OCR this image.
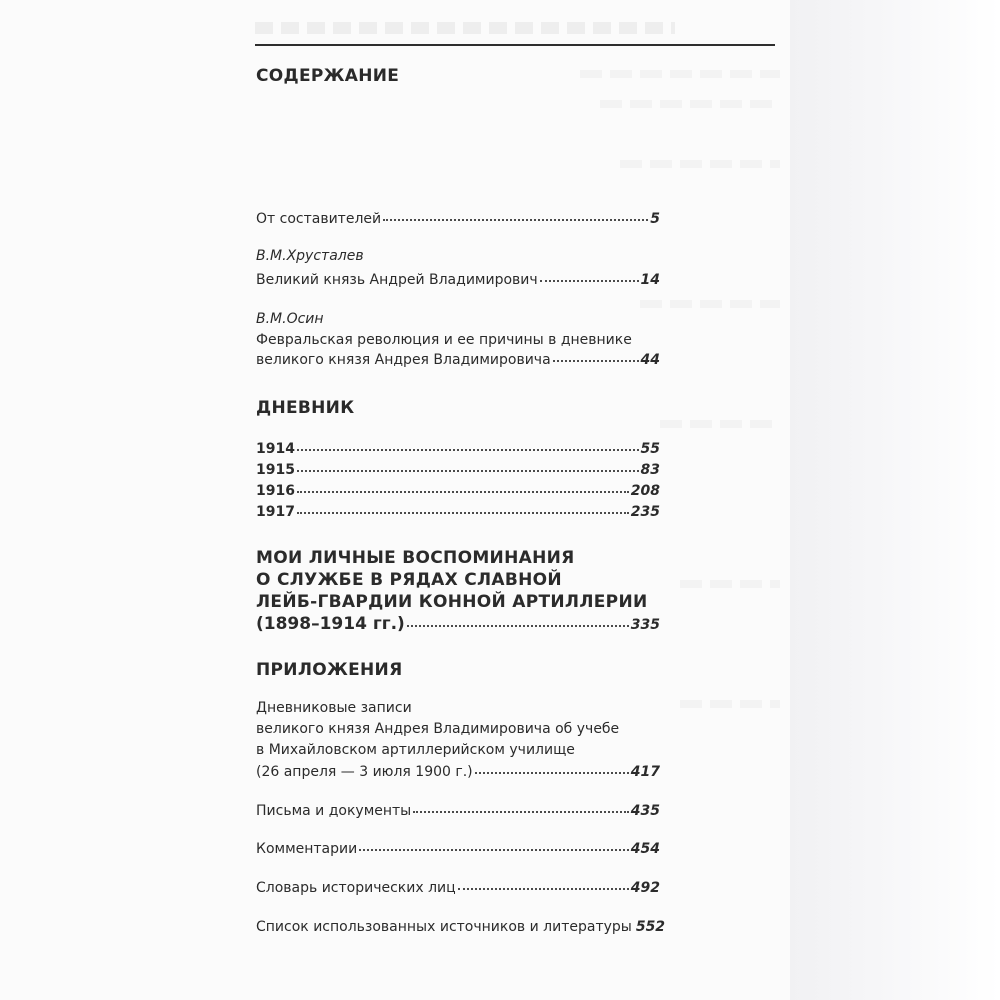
СОДЕРЖАНИЕ
От составителей	5
В.М.Хрусталев
Великий князь Андрей Владимирович	14
В.М.Осин
Февральская революция и ее причины в дневнике
великого князя Андрея Владимировича	44
ДНЕВНИК
1914	55
1915	83
1916	208
1917	235
МОИ ЛИЧНЫЕ ВОСПОМИНАНИЯ
О СЛУЖБЕ В РЯДАХ СЛАВНОЙ
ЛЕЙБ-ГВАРДИИ КОННОЙ АРТИЛЛЕРИИ
(1898–1914 гг.)	335
ПРИЛОЖЕНИЯ
Дневниковые записи
великого князя Андрея Владимировича об учебе
в Михайловском артиллерийском училище
(26 апреля — 3 июля 1900 г.)	417
Письма и документы	435
Комментарии	454
Словарь исторических лиц	492
Список использованных источников и литературы 552
